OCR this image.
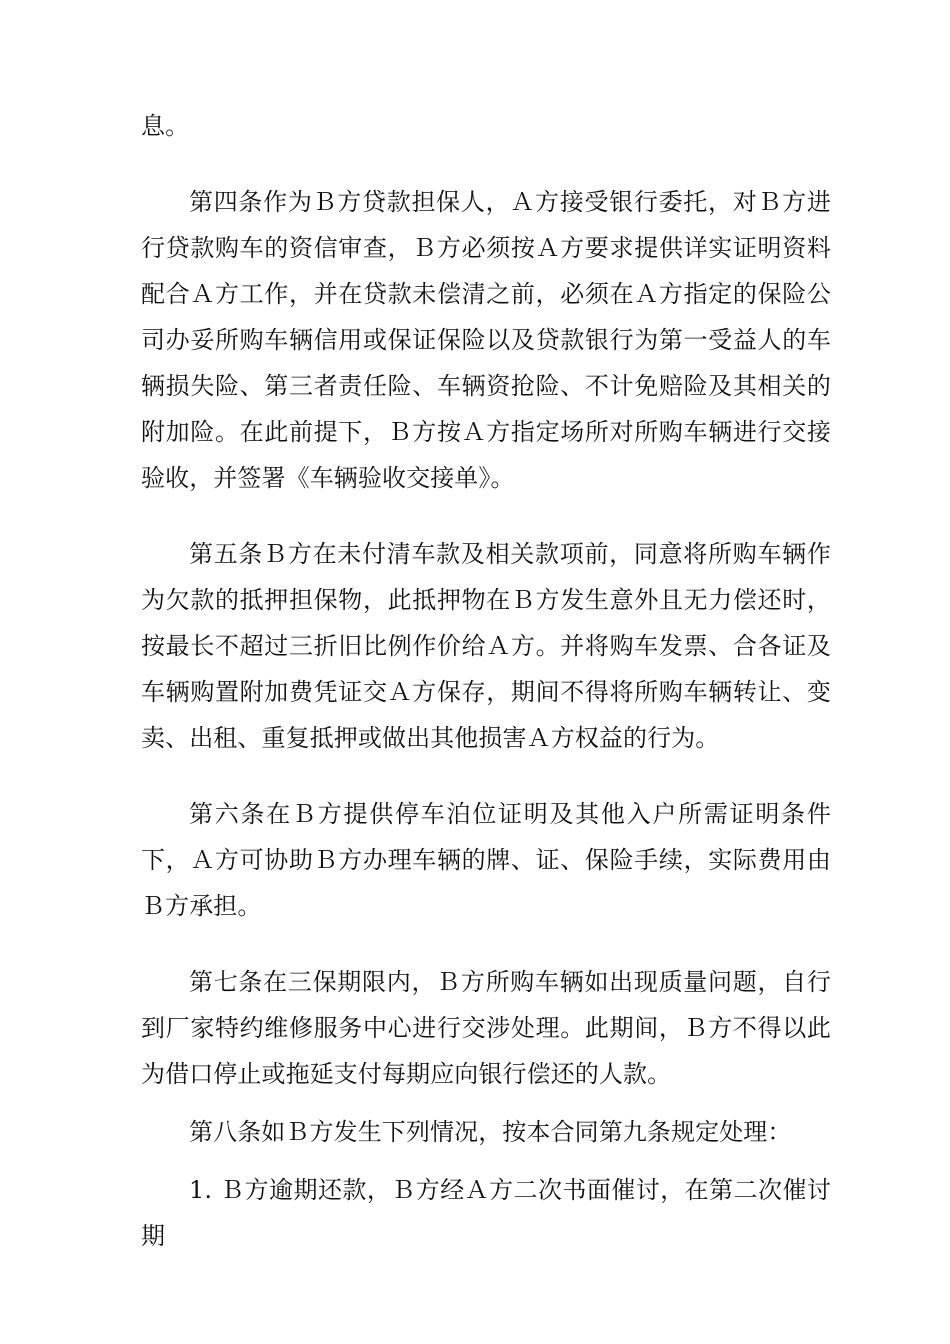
息。

第四条作为Ｂ方贷款担保人，Ａ方接受银行委托，对Ｂ方进行贷款购车的资信审查，Ｂ方必须按Ａ方要求提供详实证明资料配合Ａ方工作，并在贷款未偿清之前，必须在Ａ方指定的保险公司办妥所购车辆信用或保证保险以及贷款银行为第一受益人的车辆损失险、第三者责任险、车辆资抢险、不计免赔险及其相关的附加险。在此前提下，Ｂ方按Ａ方指定场所对所购车辆进行交接验收，并签署《车辆验收交接单》。

第五条Ｂ方在未付清车款及相关款项前，同意将所购车辆作为欠款的抵押担保物，此抵押物在Ｂ方发生意外且无力偿还时，按最长不超过三折旧比例作价给Ａ方。并将购车发票、合各证及车辆购置附加费凭证交Ａ方保存，期间不得将所购车辆转让、变卖、出租、重复抵押或做出其他损害Ａ方权益的行为。

第六条在Ｂ方提供停车泊位证明及其他入户所需证明条件下，Ａ方可协助Ｂ方办理车辆的牌、证、保险手续，实际费用由Ｂ方承担。

第七条在三保期限内，Ｂ方所购车辆如出现质量问题，自行到厂家特约维修服务中心进行交涉处理。此期间，Ｂ方不得以此为借口停止或拖延支付每期应向银行偿还的人款。

第八条如Ｂ方发生下列情况，按本合同第九条规定处理：

1. Ｂ方逾期还款，Ｂ方经Ａ方二次书面催讨，在第二次催讨期
